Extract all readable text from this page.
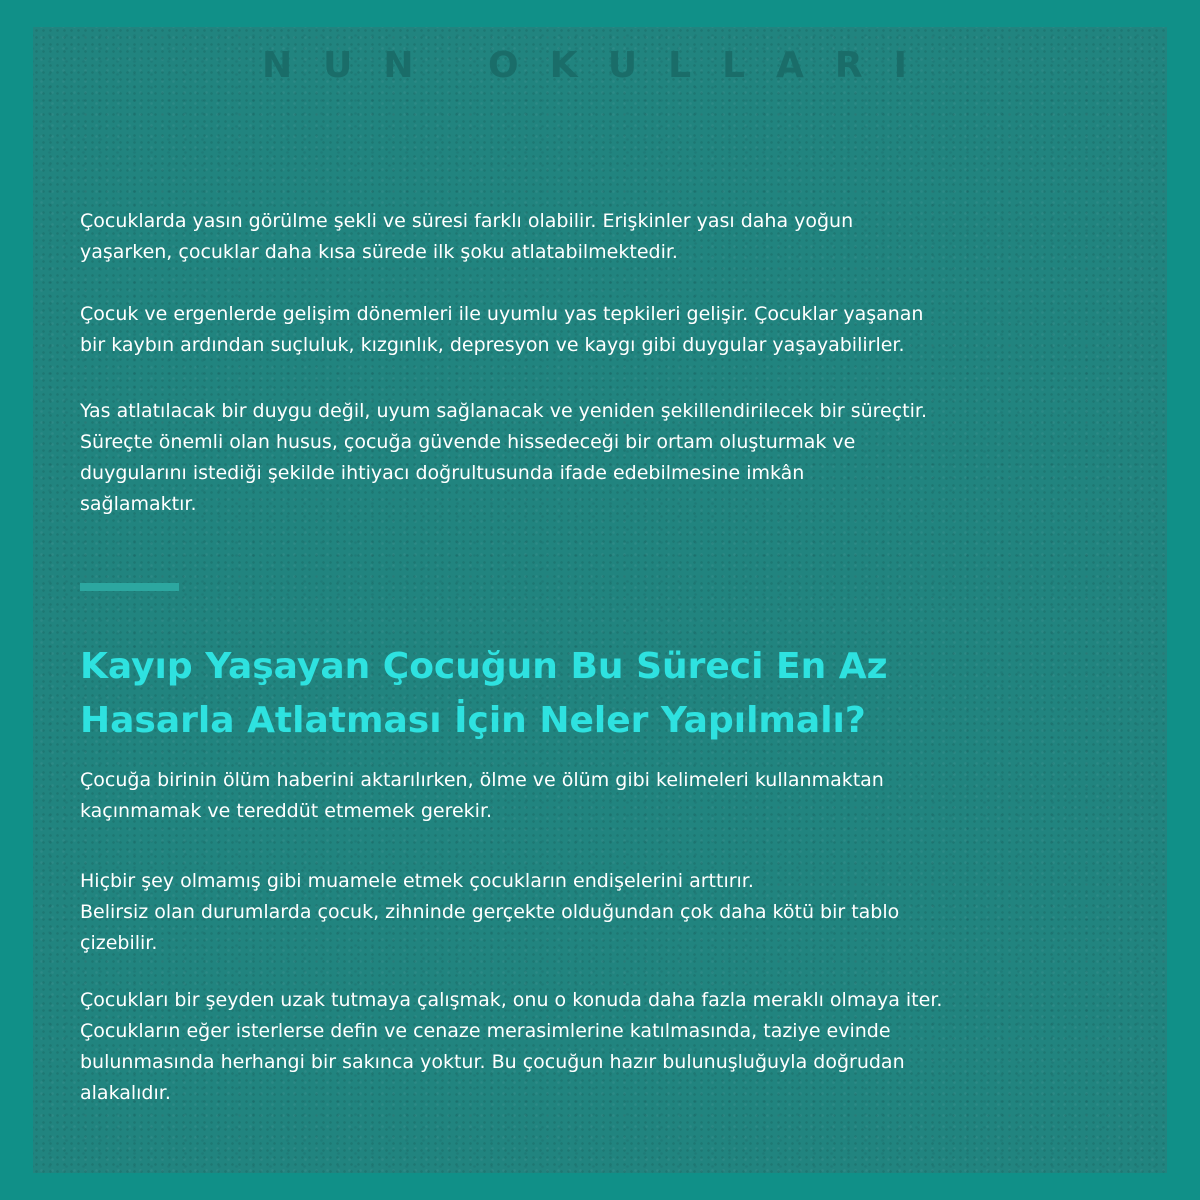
NUN OKULLARI

Çocuklarda yasın görülme şekli ve süresi farklı olabilir. Erişkinler yası daha yoğun
yaşarken, çocuklar daha kısa sürede ilk şoku atlatabilmektedir.

Çocuk ve ergenlerde gelişim dönemleri ile uyumlu yas tepkileri gelişir. Çocuklar yaşanan
bir kaybın ardından suçluluk, kızgınlık, depresyon ve kaygı gibi duygular yaşayabilirler.

Yas atlatılacak bir duygu değil, uyum sağlanacak ve yeniden şekillendirilecek bir süreçtir.
Süreçte önemli olan husus, çocuğa güvende hissedeceği bir ortam oluşturmak ve
duygularını istediği şekilde ihtiyacı doğrultusunda ifade edebilmesine imkân
sağlamaktır.

Kayıp Yaşayan Çocuğun Bu Süreci En Az
Hasarla Atlatması İçin Neler Yapılmalı?

Çocuğa birinin ölüm haberini aktarılırken, ölme ve ölüm gibi kelimeleri kullanmaktan
kaçınmamak ve tereddüt etmemek gerekir.

Hiçbir şey olmamış gibi muamele etmek çocukların endişelerini arttırır.
Belirsiz olan durumlarda çocuk, zihninde gerçekte olduğundan çok daha kötü bir tablo
çizebilir.

Çocukları bir şeyden uzak tutmaya çalışmak, onu o konuda daha fazla meraklı olmaya iter.
Çocukların eğer isterlerse defin ve cenaze merasimlerine katılmasında, taziye evinde
bulunmasında herhangi bir sakınca yoktur. Bu çocuğun hazır bulunuşluğuyla doğrudan
alakalıdır.
